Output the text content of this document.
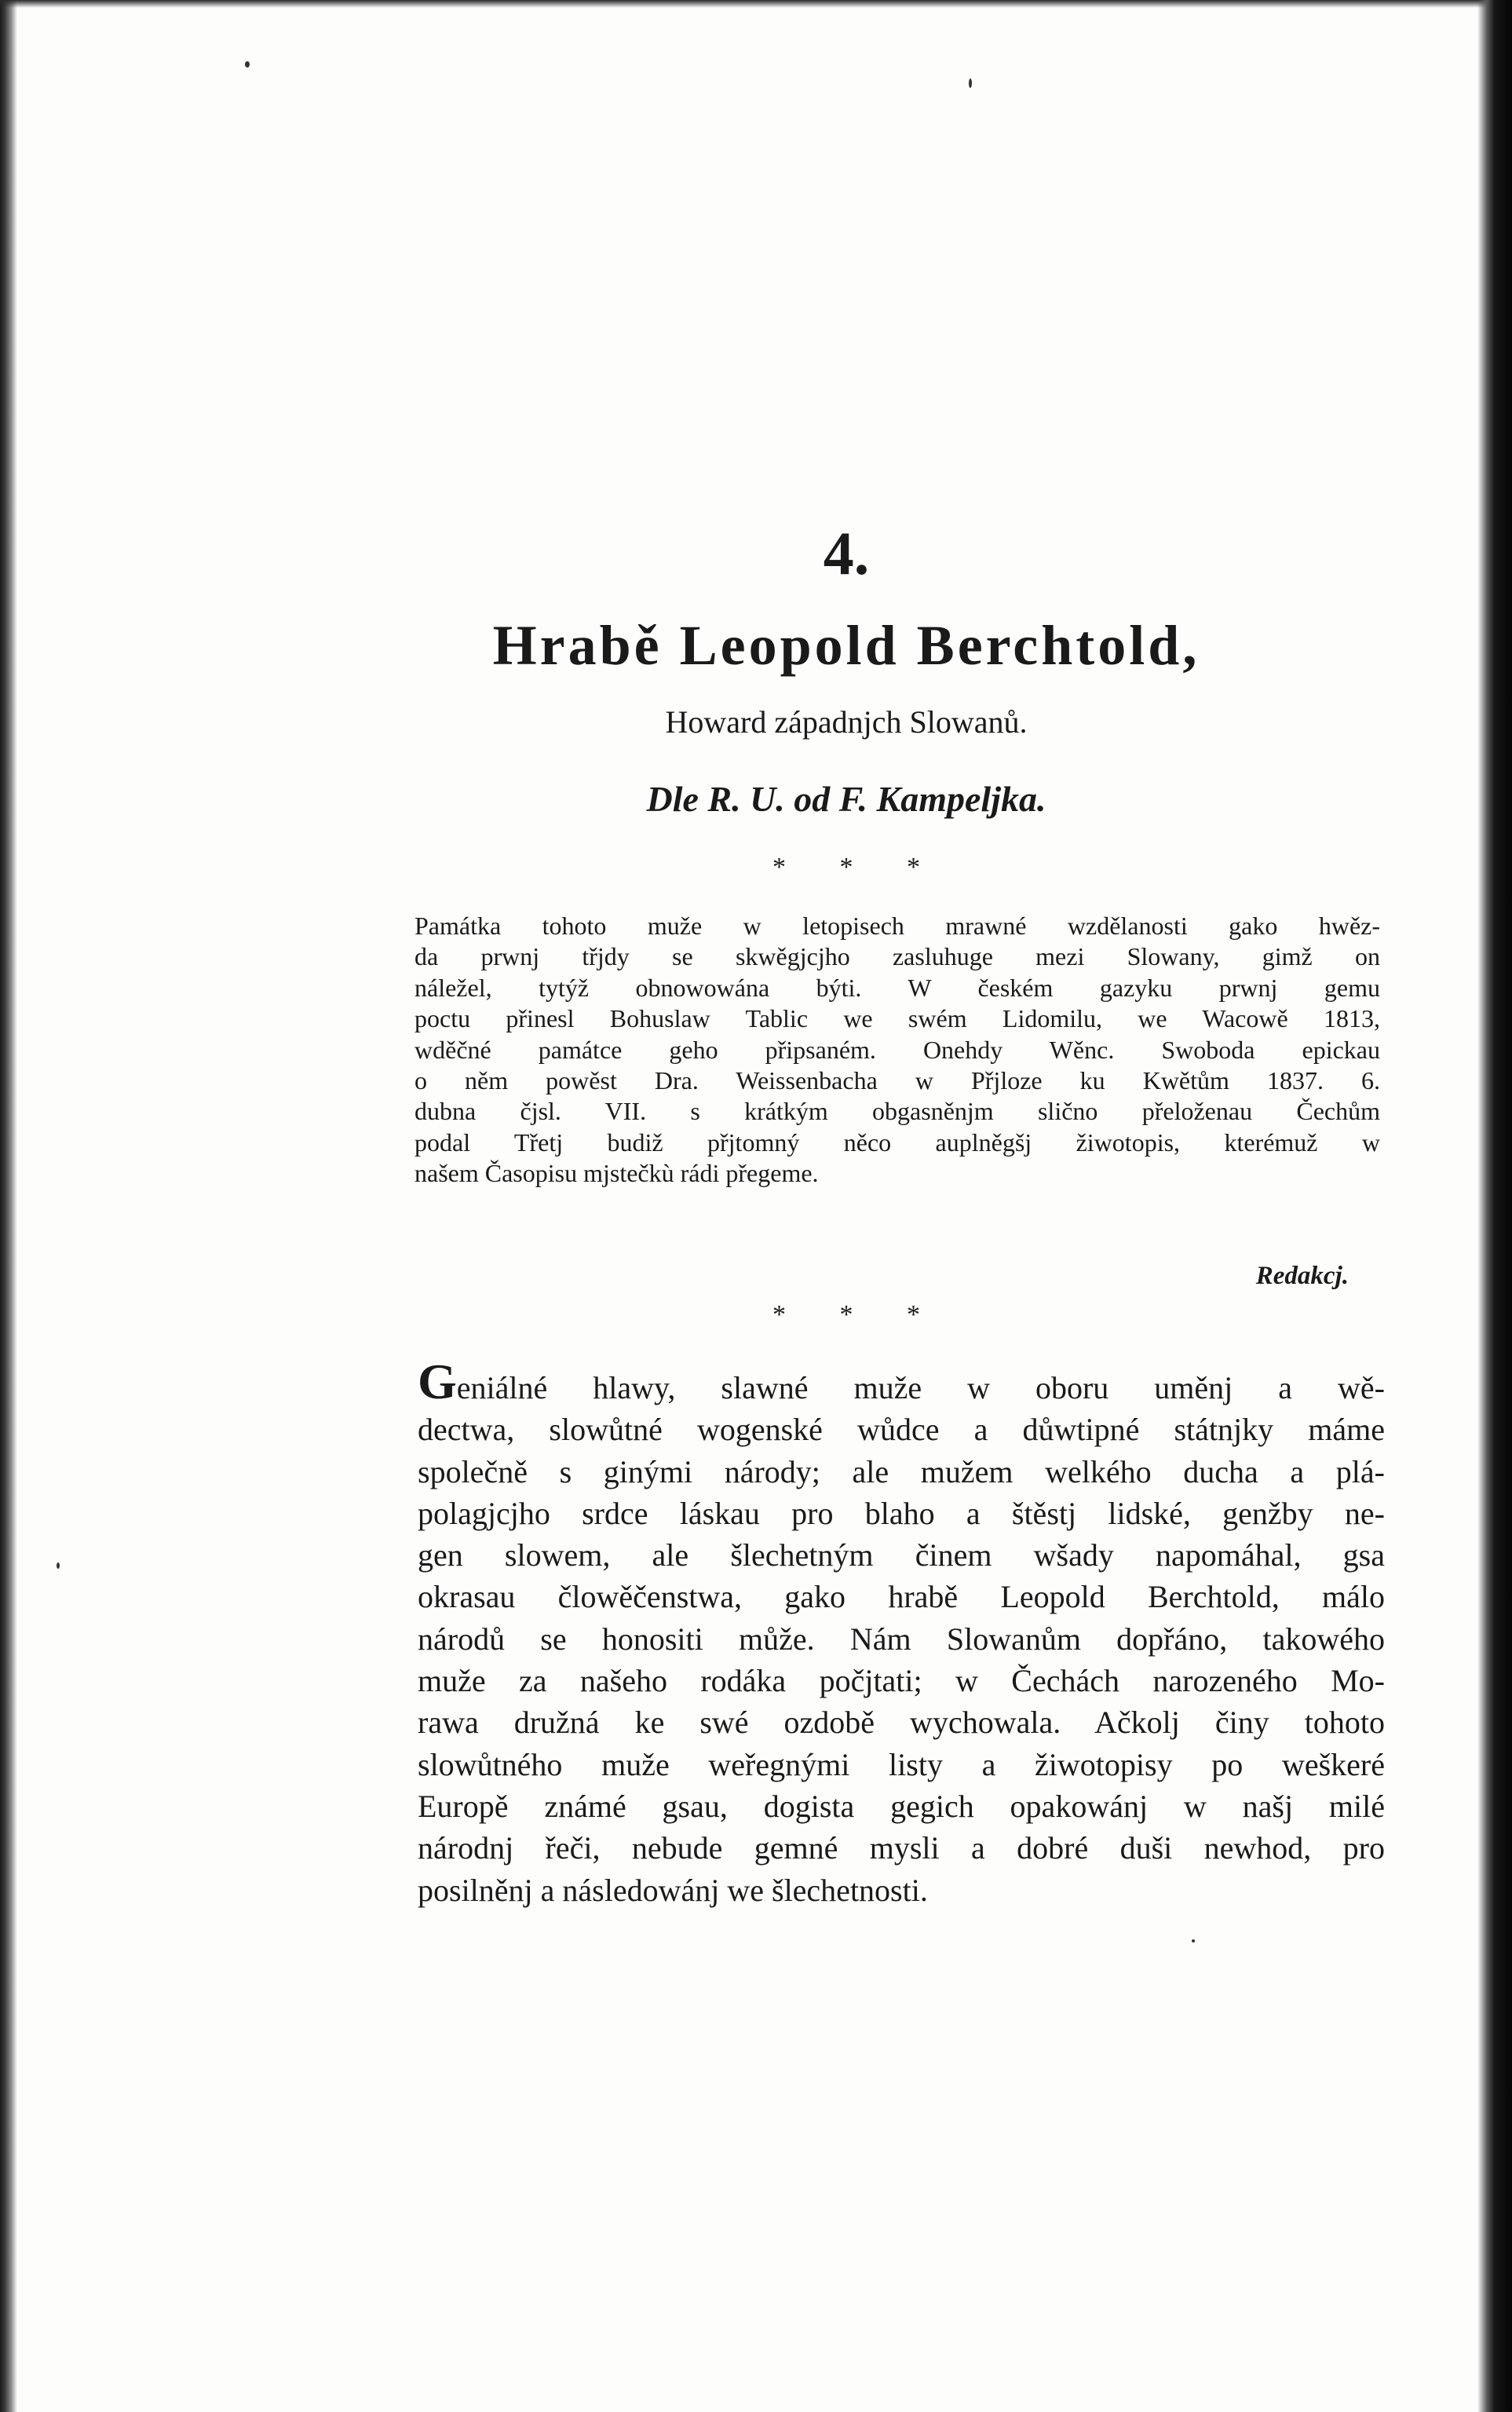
4.
Hrabě Leopold Berchtold,
Howard západnjch Slowanů.
Dle R. U. od F. Kampeljka.
* * *
Památka tohoto muže w letopisech mrawné wzdělanosti gako hwěz-
da prwnj třjdy se skwěgjcjho zasluhuge mezi Slowany, gimž on
náležel, tytýž obnowowána býti. W českém gazyku prwnj gemu
poctu přinesl Bohuslaw Tablic we swém Lidomilu, we Wacowě 1813,
wděčné památce geho připsaném. Onehdy Wěnc. Swoboda epickau
o něm powěst Dra. Weissenbacha w Přjloze ku Kwětům 1837. 6.
dubna čjsl. VII. s krátkým obgasněnjm slično přeloženau Čechům
podal Třetj budiž přjtomný něco auplněgšj žiwotopis, kterémuž w
našem Časopisu mjstečkù rádi přegeme.
Redakcj.
* * *
Geniálné hlawy, slawné muže w oboru uměnj a wě-
dectwa, slowůtné wogenské wůdce a důwtipné státnjky máme
společně s ginými národy; ale mužem welkého ducha a plá-
polagjcjho srdce láskau pro blaho a štěstj lidské, genžby ne-
gen slowem, ale šlechetným činem wšady napomáhal, gsa
okrasau člowěčenstwa, gako hrabě Leopold Berchtold, málo
národů se honositi může. Nám Slowanům dopřáno, takowého
muže za našeho rodáka počjtati; w Čechách narozeného Mo-
rawa družná ke swé ozdobě wychowala. Ačkolj činy tohoto
slowůtného muže weřegnými listy a žiwotopisy po weškeré
Europě známé gsau, dogista gegich opakowánj w našj milé
národnj řeči, nebude gemné mysli a dobré duši newhod, pro
posilněnj a následowánj we šlechetnosti.
